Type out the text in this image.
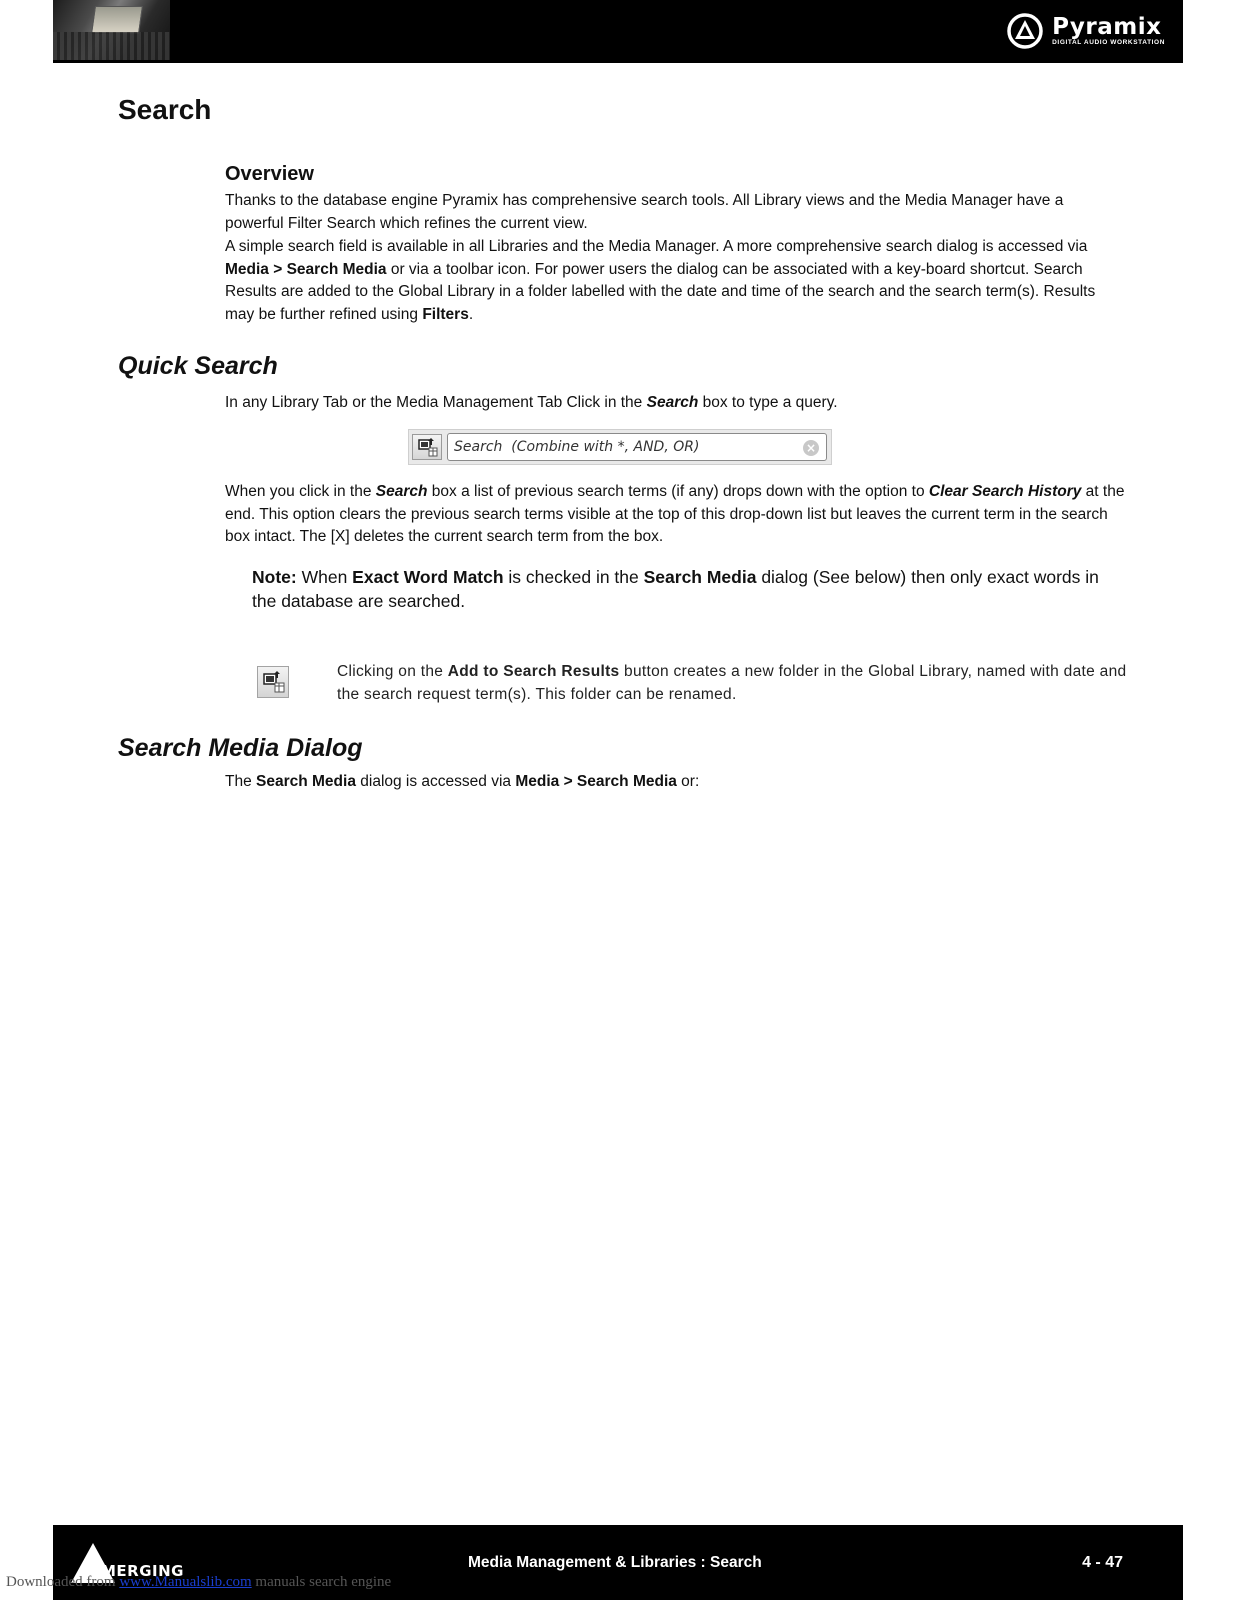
Pyramix
DIGITAL AUDIO WORKSTATION
Search
Overview

Thanks to the database engine Pyramix has comprehensive search tools. All Library views and the Media Manager have a powerful Filter Search which refines the current view.

A simple search field is available in all Libraries and the Media Manager. A more comprehensive search dialog is accessed via Media > Search Media or via a toolbar icon. For power users the dialog can be associated with a key-board shortcut. Search Results are added to the Global Library in a folder labelled with the date and time of the search and the search term(s). Results may be further refined using Filters.

Quick Search

In any Library Tab or the Media Management Tab Click in the Search box to type a query.

Search (Combine with *, AND, OR)
×

When you click in the Search box a list of previous search terms (if any) drops down with the option to Clear Search History at the end. This option clears the previous search terms visible at the top of this drop-down list but leaves the current term in the search box intact. The [X] deletes the current search term from the box.

Note: When Exact Word Match is checked in the Search Media dialog (See below) then only exact words in the database are searched.

Clicking on the Add to Search Results button creates a new folder in the Global Library, named with date and the search request term(s). This folder can be renamed.

Search Media Dialog

The Search Media dialog is accessed via Media > Search Media or:

MERGING	Media Management & Libraries : Search	4 - 47
Downloaded from www.Manualslib.com manuals search engine
